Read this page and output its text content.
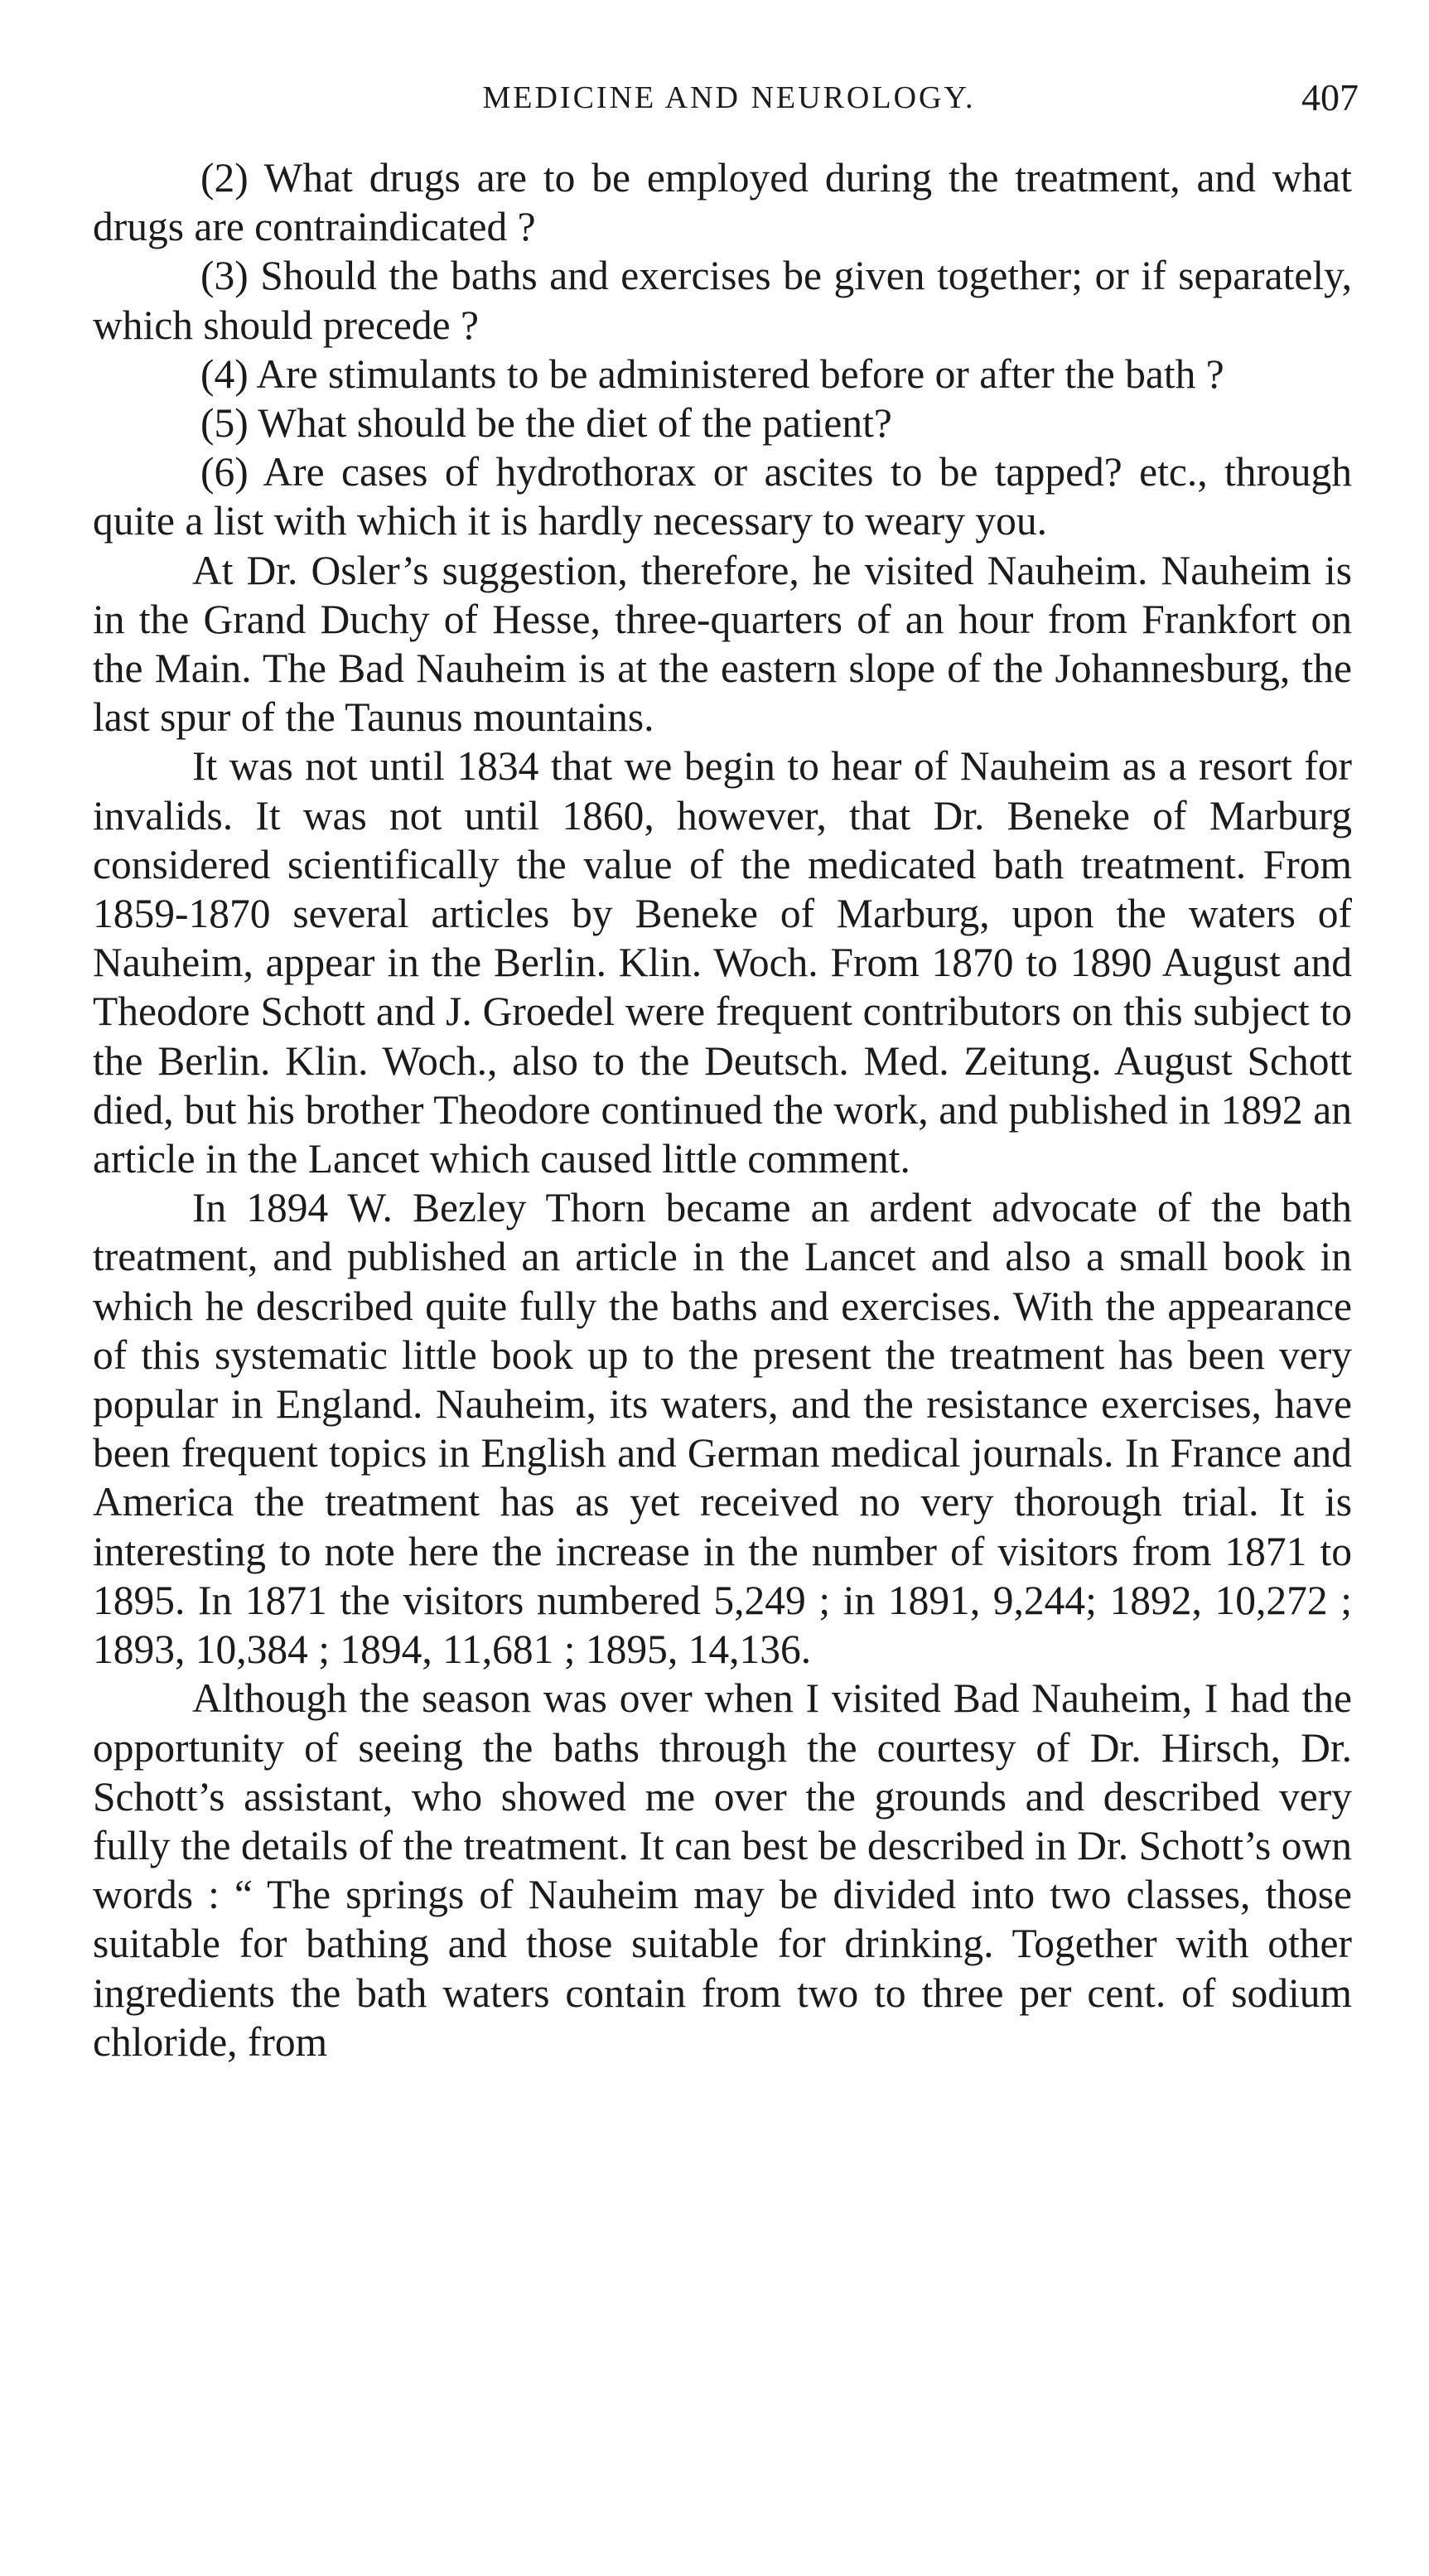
MEDICINE AND NEUROLOGY.	407

(2) What drugs are to be employed during the treatment, and what drugs are contraindicated ?

(3) Should the baths and exercises be given together; or if separately, which should precede ?

(4) Are stimulants to be administered before or after the bath ?

(5) What should be the diet of the patient?

(6) Are cases of hydrothorax or ascites to be tapped? etc., through quite a list with which it is hardly necessary to weary you.

At Dr. Osler’s suggestion, therefore, he visited Nauheim. Nauheim is in the Grand Duchy of Hesse, three-quarters of an hour from Frankfort on the Main. The Bad Nauheim is at the eastern slope of the Johannesburg, the last spur of the Taunus mountains.

It was not until 1834 that we begin to hear of Nauheim as a resort for invalids. It was not until 1860, however, that Dr. Beneke of Marburg considered scientifically the value of the medicated bath treatment. From 1859-1870 several articles by Beneke of Marburg, upon the waters of Nauheim, appear in the Berlin. Klin. Woch. From 1870 to 1890 August and Theodore Schott and J. Groedel were frequent contributors on this subject to the Berlin. Klin. Woch., also to the Deutsch. Med. Zeitung. August Schott died, but his brother Theodore continued the work, and published in 1892 an article in the Lancet which caused little comment.

In 1894 W. Bezley Thorn became an ardent advocate of the bath treatment, and published an article in the Lancet and also a small book in which he described quite fully the baths and exercises. With the appearance of this systematic little book up to the present the treatment has been very popular in England. Nauheim, its waters, and the resistance exercises, have been frequent topics in English and German medical journals. In France and America the treatment has as yet received no very thorough trial. It is interesting to note here the increase in the number of visitors from 1871 to 1895. In 1871 the visitors numbered 5,249 ; in 1891, 9,244; 1892, 10,272 ; 1893, 10,384 ; 1894, 11,681 ; 1895, 14,136.

Although the season was over when I visited Bad Nauheim, I had the opportunity of seeing the baths through the courtesy of Dr. Hirsch, Dr. Schott’s assistant, who showed me over the grounds and described very fully the details of the treatment. It can best be described in Dr. Schott’s own words : “ The springs of Nauheim may be divided into two classes, those suitable for bathing and those suitable for drinking. Together with other ingredients the bath waters contain from two to three per cent. of sodium chloride, from
